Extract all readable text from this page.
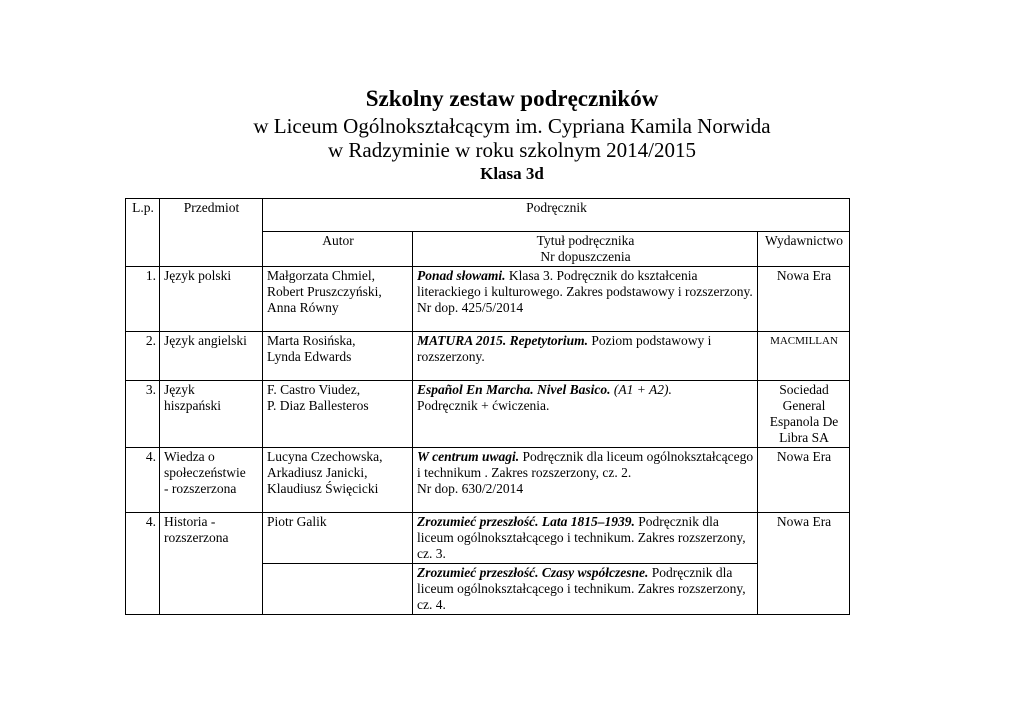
Szkolny zestaw podręczników
w Liceum Ogólnokształcącym im. Cypriana Kamila Norwida
w Radzyminie w roku szkolnym 2014/2015
Klasa 3d
L.p.	Przedmiot	Podręcznik		
		Autor	Tytuł podręcznika
Nr dopuszczenia	Wydawnictwo
1.	Język polski	Małgorzata Chmiel,
Robert Pruszczyński,
Anna Równy	Ponad słowami. Klasa 3. Podręcznik do kształcenia literackiego i kulturowego. Zakres podstawowy i rozszerzony.
Nr dop. 425/5/2014	Nowa Era

2.	Język angielski	Marta Rosińska,
Lynda Edwards	MATURA 2015. Repetytorium. Poziom podstawowy i rozszerzony.	MACMILLAN

3.	Język
hiszpański	F. Castro Viudez,
P. Diaz Ballesteros	Español En Marcha. Nivel Basico. (A1 + A2).
Podręcznik + ćwiczenia.	Sociedad
General
Espanola De
Libra SA

4.	Wiedza o
społeczeństwie
- rozszerzona	Lucyna Czechowska,
Arkadiusz Janicki,
Klaudiusz Święcicki	W centrum uwagi. Podręcznik dla liceum ogólnokształcącego i technikum . Zakres rozszerzony, cz. 2.
Nr dop. 630/2/2014	Nowa Era

4.	Historia -
rozszerzona	Piotr Galik	Zrozumieć przeszłość. Lata 1815–1939. Podręcznik dla liceum ogólnokształcącego i technikum. Zakres rozszerzony, cz. 3.	Nowa Era

			Zrozumieć przeszłość. Czasy współczesne. Podręcznik dla liceum ogólnokształcącego i technikum. Zakres rozszerzony, cz. 4.	
